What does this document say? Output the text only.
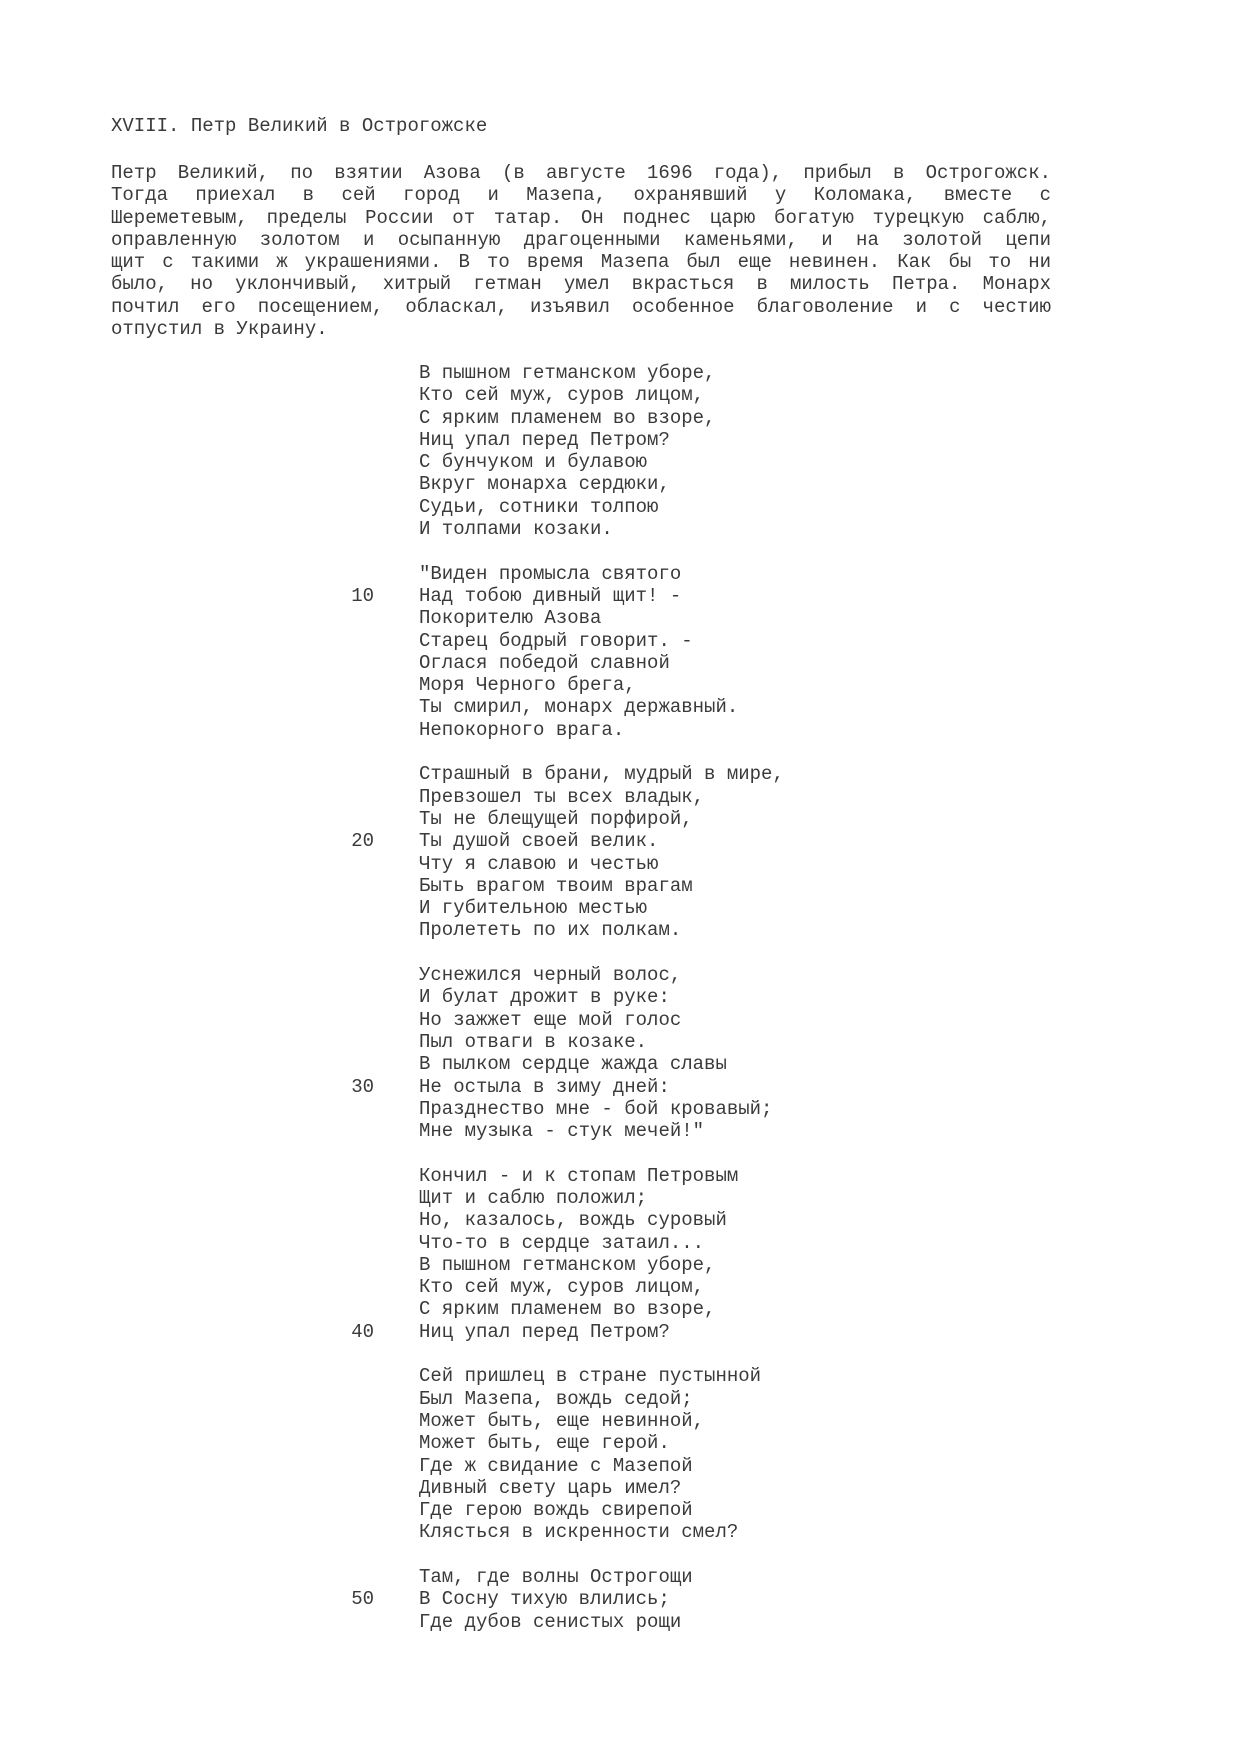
XVIII. Петр Великий в Острогожске
Петр Великий, по взятии Азова (в августе 1696 года), прибыл в Острогожск.
Тогда приехал в сей город и Мазепа, охранявший у Коломака, вместе с
Шереметевым, пределы России от татар. Он поднес царю богатую турецкую саблю,
оправленную золотом и осыпанную драгоценными каменьями, и на золотой цепи
щит с такими ж украшениями. В то время Мазепа был еще невинен. Как бы то ни
было, но уклончивый, хитрый гетман умел вкрасться в милость Петра. Монарх
почтил его посещением, обласкал, изъявил особенное благоволение и с честию
отпустил в Украину.
В пышном гетманском уборе,
Кто сей муж, суров лицом,
С ярким пламенем во взоре,
Ниц упал перед Петром?
С бунчуком и булавою
Вкруг монарха сердюки,
Судьи, сотники толпою
И толпами козаки.
"Виден промысла святого
10 Над тобою дивный щит! -
Покорителю Азова
Старец бодрый говорит. -
Оглася победой славной
Моря Черного брега,
Ты смирил, монарх державный.
Непокорного врага.
Страшный в брани, мудрый в мире,
Превзошел ты всех владык,
Ты не блещущей порфирой,
20 Ты душой своей велик.
Чту я славою и честью
Быть врагом твоим врагам
И губительною местью
Пролететь по их полкам.
Уснежился черный волос,
И булат дрожит в руке:
Но зажжет еще мой голос
Пыл отваги в козаке.
В пылком сердце жажда славы
30 Не остыла в зиму дней:
Празднество мне - бой кровавый;
Мне музыка - стук мечей!"
Кончил - и к стопам Петровым
Щит и саблю положил;
Но, казалось, вождь суровый
Что-то в сердце затаил...
В пышном гетманском уборе,
Кто сей муж, суров лицом,
С ярким пламенем во взоре,
40 Ниц упал перед Петром?
Сей пришлец в стране пустынной
Был Мазепа, вождь седой;
Может быть, еще невинной,
Может быть, еще герой.
Где ж свидание с Мазепой
Дивный свету царь имел?
Где герою вождь свирепой
Клясться в искренности смел?
Там, где волны Острогощи
50 В Сосну тихую влились;
Где дубов сенистых рощи
